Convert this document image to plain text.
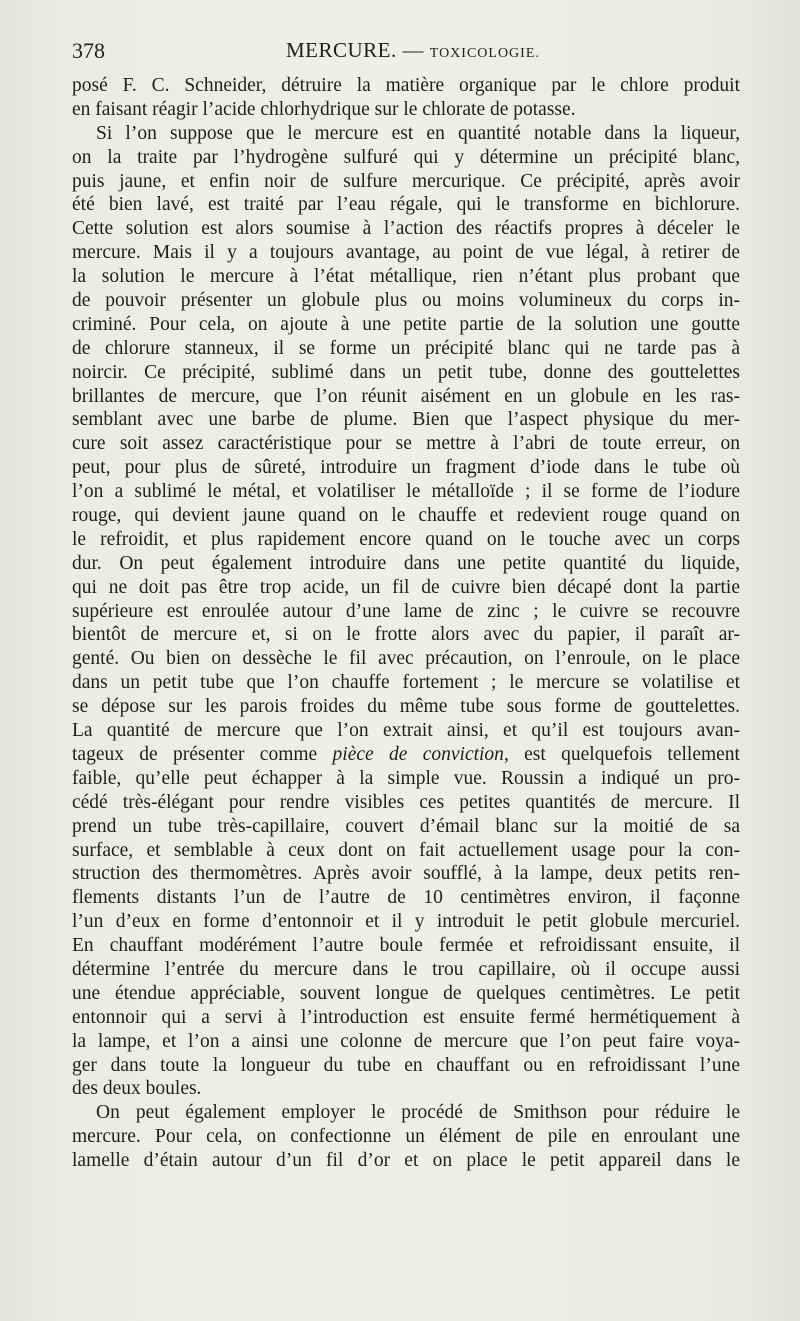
378	MERCURE. — TOXICOLOGIE.
posé F. C. Schneider, détruire la matière organique par le chlore produit
en faisant réagir l’acide chlorhydrique sur le chlorate de potasse.
Si l’on suppose que le mercure est en quantité notable dans la liqueur,
on la traite par l’hydrogène sulfuré qui y détermine un précipité blanc,
puis jaune, et enfin noir de sulfure mercurique. Ce précipité, après avoir
été bien lavé, est traité par l’eau régale, qui le transforme en bichlorure.
Cette solution est alors soumise à l’action des réactifs propres à déceler le
mercure. Mais il y a toujours avantage, au point de vue légal, à retirer de
la solution le mercure à l’état métallique, rien n’étant plus probant que
de pouvoir présenter un globule plus ou moins volumineux du corps in-
criminé. Pour cela, on ajoute à une petite partie de la solution une goutte
de chlorure stanneux, il se forme un précipité blanc qui ne tarde pas à
noircir. Ce précipité, sublimé dans un petit tube, donne des gouttelettes
brillantes de mercure, que l’on réunit aisément en un globule en les ras-
semblant avec une barbe de plume. Bien que l’aspect physique du mer-
cure soit assez caractéristique pour se mettre à l’abri de toute erreur, on
peut, pour plus de sûreté, introduire un fragment d’iode dans le tube où
l’on a sublimé le métal, et volatiliser le métalloïde ; il se forme de l’iodure
rouge, qui devient jaune quand on le chauffe et redevient rouge quand on
le refroidit, et plus rapidement encore quand on le touche avec un corps
dur. On peut également introduire dans une petite quantité du liquide,
qui ne doit pas être trop acide, un fil de cuivre bien décapé dont la partie
supérieure est enroulée autour d’une lame de zinc ; le cuivre se recouvre
bientôt de mercure et, si on le frotte alors avec du papier, il paraît ar-
genté. Ou bien on dessèche le fil avec précaution, on l’enroule, on le place
dans un petit tube que l’on chauffe fortement ; le mercure se volatilise et
se dépose sur les parois froides du même tube sous forme de gouttelettes.
La quantité de mercure que l’on extrait ainsi, et qu’il est toujours avan-
tageux de présenter comme pièce de conviction, est quelquefois tellement
faible, qu’elle peut échapper à la simple vue. Roussin a indiqué un pro-
cédé très-élégant pour rendre visibles ces petites quantités de mercure. Il
prend un tube très-capillaire, couvert d’émail blanc sur la moitié de sa
surface, et semblable à ceux dont on fait actuellement usage pour la con-
struction des thermomètres. Après avoir soufflé, à la lampe, deux petits ren-
flements distants l’un de l’autre de 10 centimètres environ, il façonne
l’un d’eux en forme d’entonnoir et il y introduit le petit globule mercuriel.
En chauffant modérément l’autre boule fermée et refroidissant ensuite, il
détermine l’entrée du mercure dans le trou capillaire, où il occupe aussi
une étendue appréciable, souvent longue de quelques centimètres. Le petit
entonnoir qui a servi à l’introduction est ensuite fermé hermétiquement à
la lampe, et l’on a ainsi une colonne de mercure que l’on peut faire voya-
ger dans toute la longueur du tube en chauffant ou en refroidissant l’une
des deux boules.
On peut également employer le procédé de Smithson pour réduire le
mercure. Pour cela, on confectionne un élément de pile en enroulant une
lamelle d’étain autour d’un fil d’or et on place le petit appareil dans le
